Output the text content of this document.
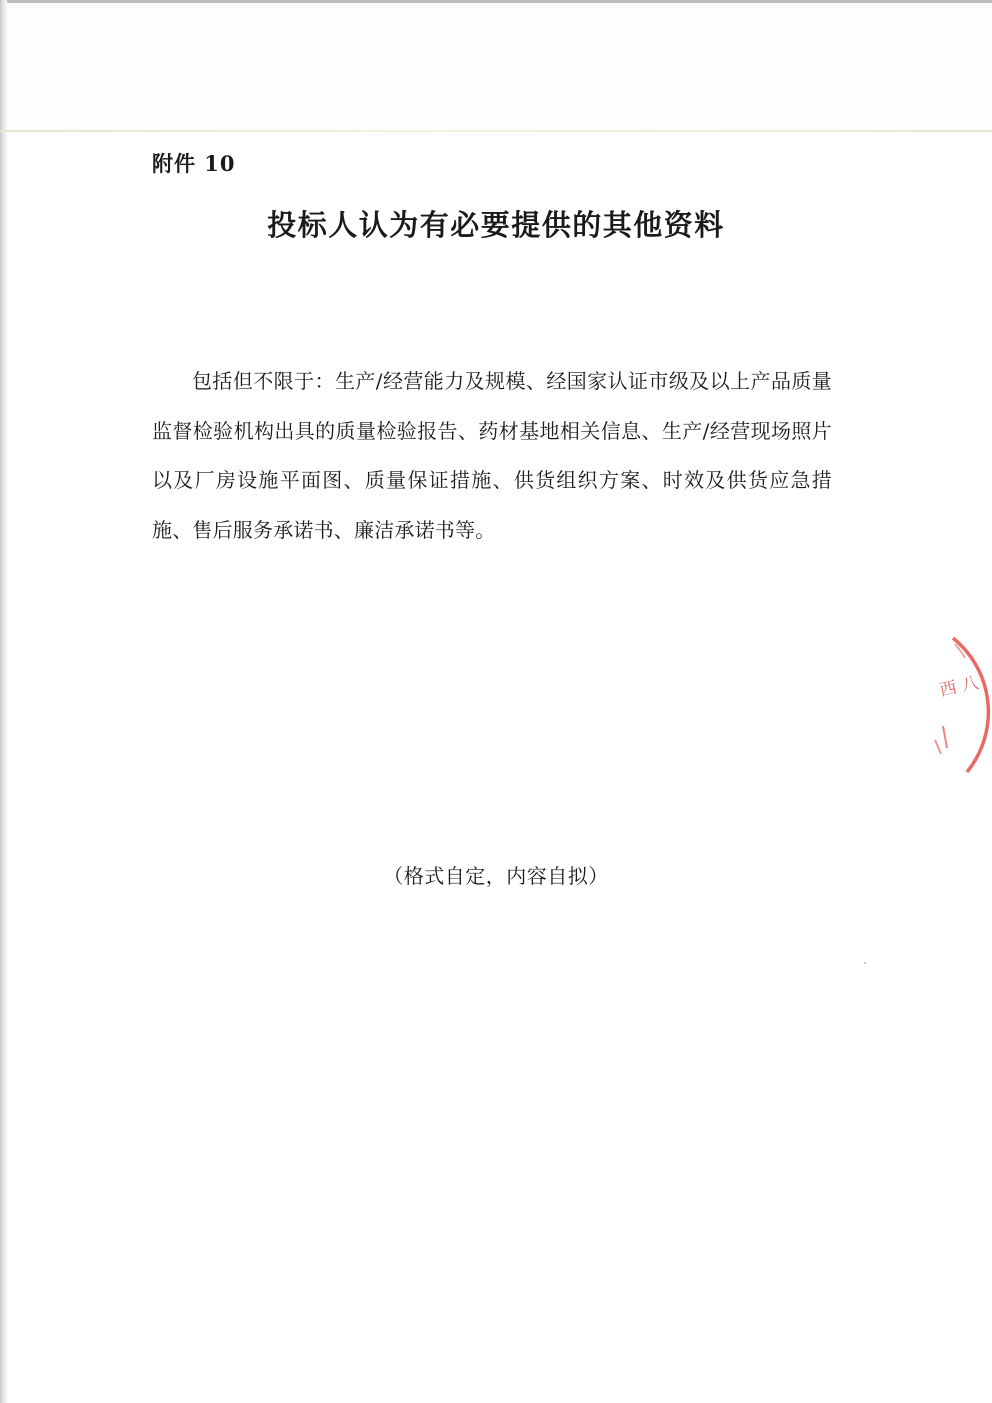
附件 10
投标人认为有必要提供的其他资料

包括但不限于：生产/经营能力及规模、经国家认证市级及以上产品质量监督检验机构出具的质量检验报告、药材基地相关信息、生产/经营现场照片以及厂房设施平面图、质量保证措施、供货组织方案、时效及供货应急措施、售后服务承诺书、廉洁承诺书等。

（格式自定，内容自拟）
西 八
